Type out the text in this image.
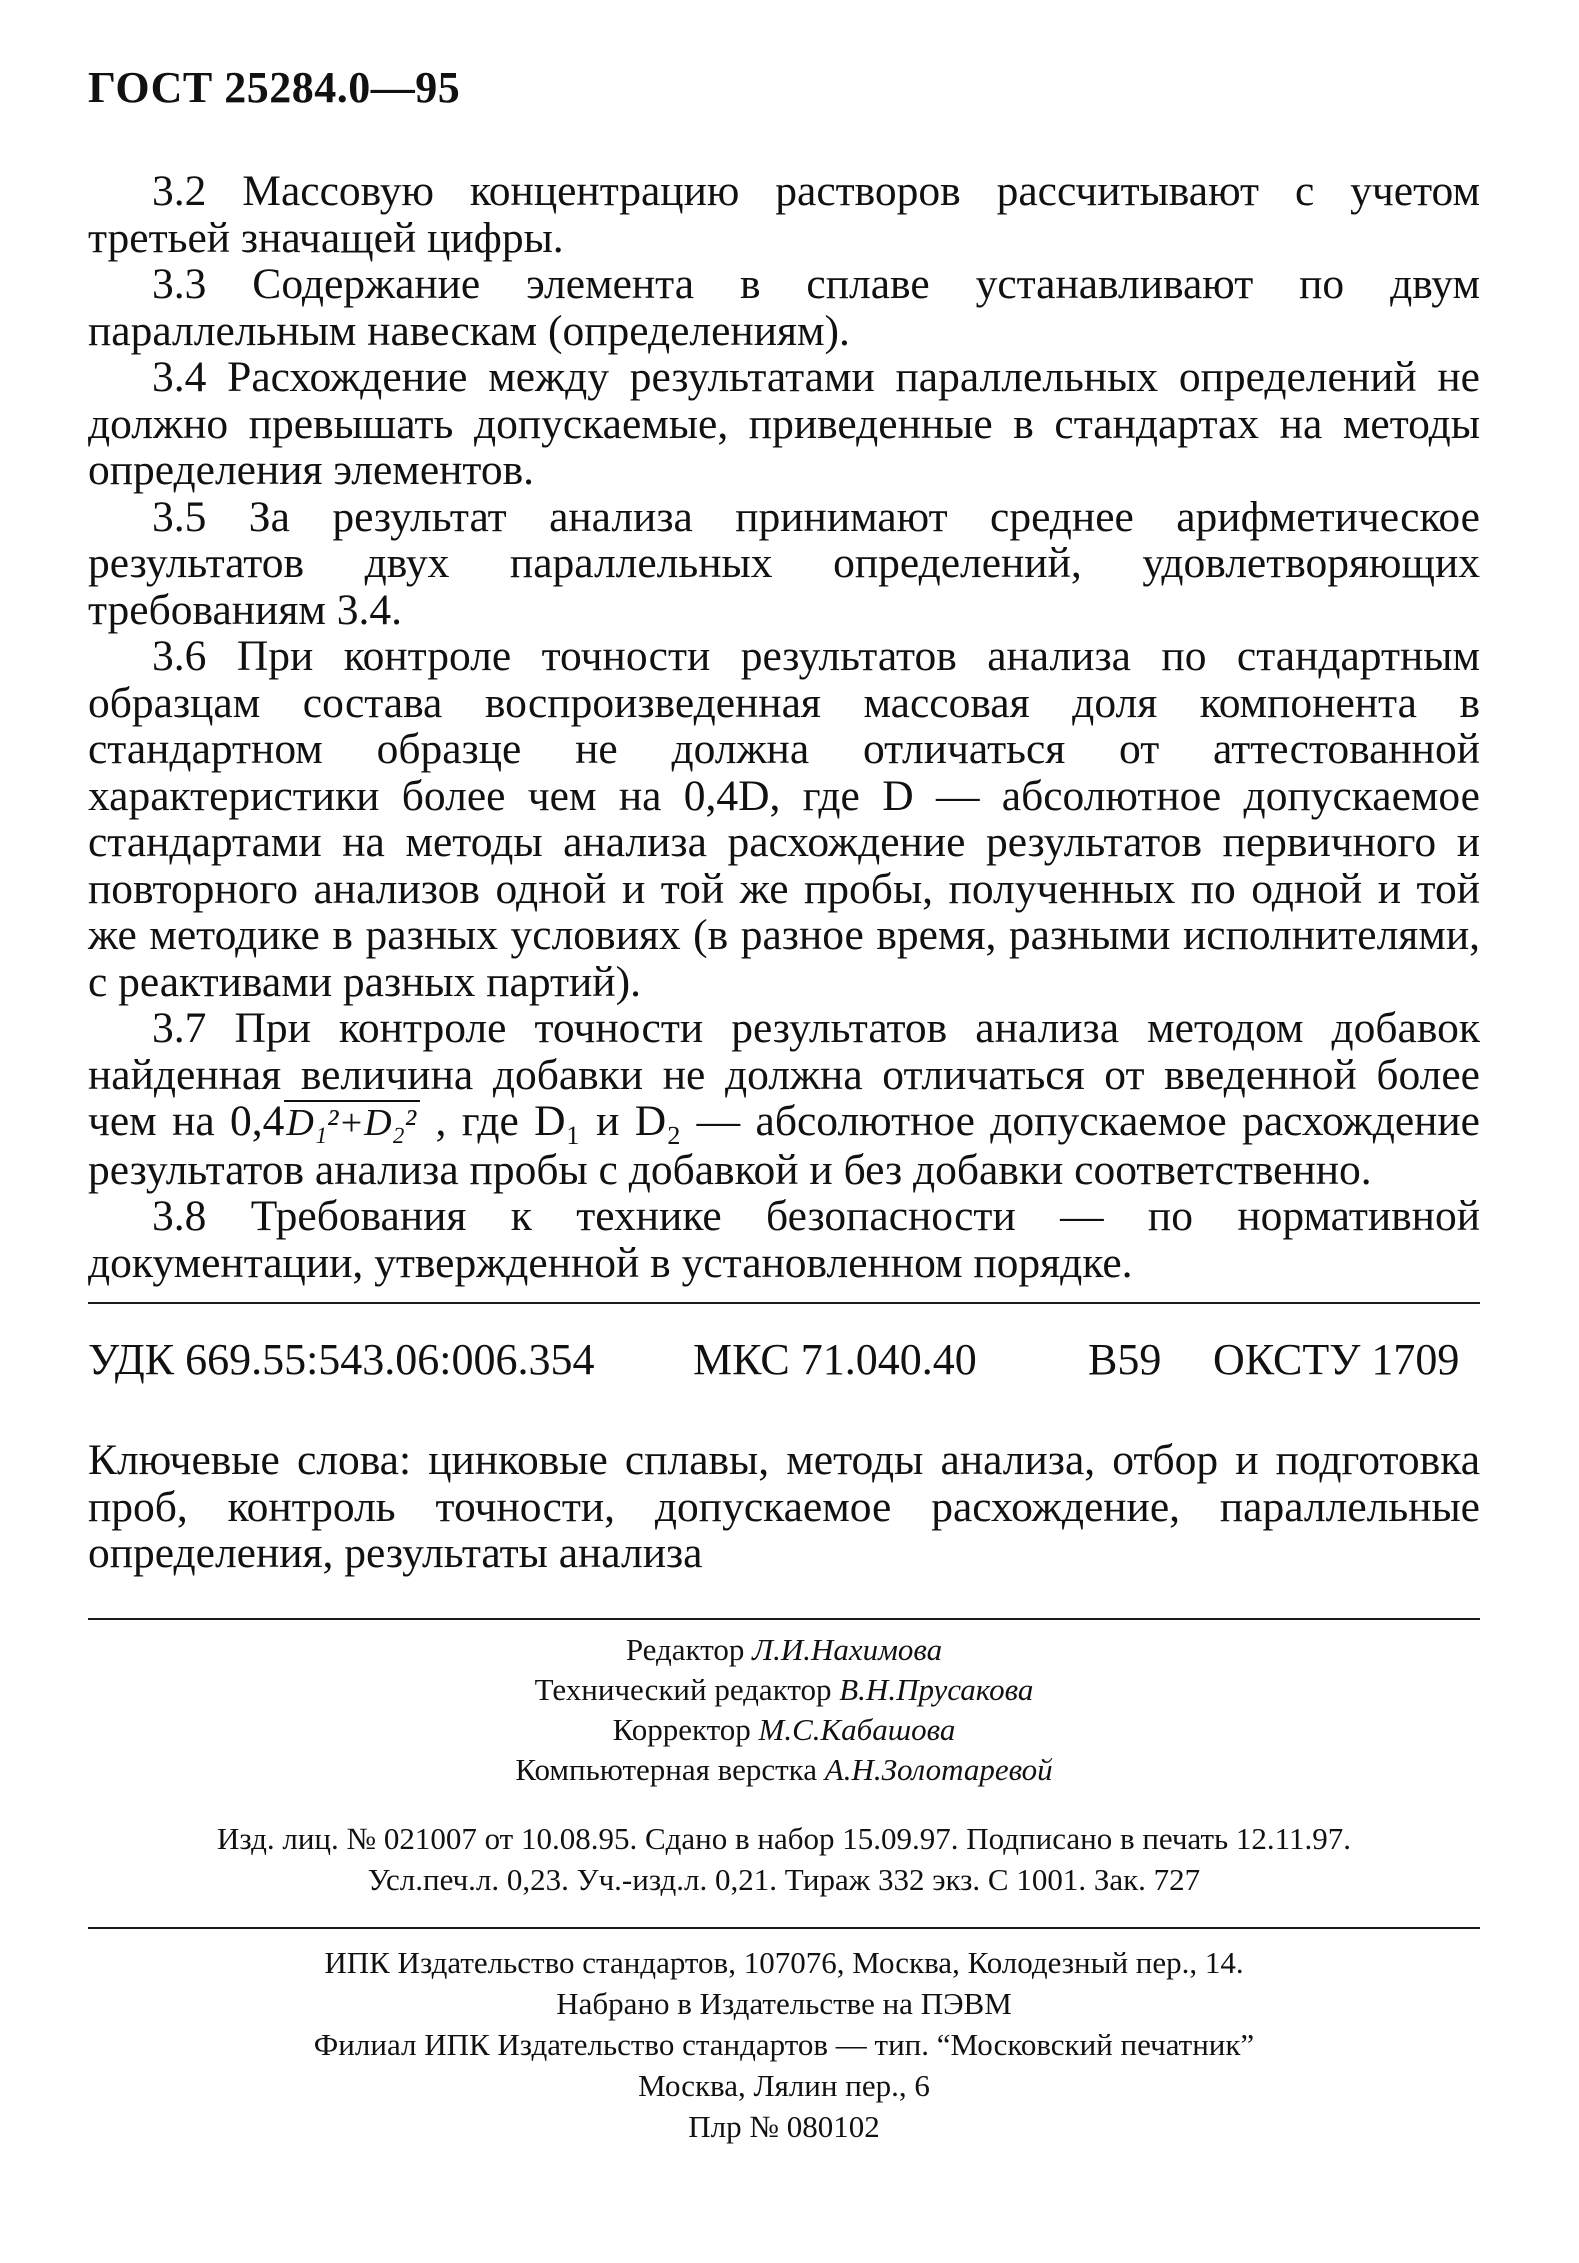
ГОСТ 25284.0—95

3.2 Массовую концентрацию растворов рассчитывают с учетом третьей значащей цифры.

3.3 Содержание элемента в сплаве устанавливают по двум параллельным навескам (определениям).

3.4 Расхождение между результатами параллельных определений не должно превышать допускаемые, приведенные в стандартах на методы определения элементов.

3.5 За результат анализа принимают среднее арифметическое результатов двух параллельных определений, удовлетворяющих требованиям 3.4.

3.6 При контроле точности результатов анализа по стандартным образцам состава воспроизведенная массовая доля компонента в стандартном образце не должна отличаться от аттестованной характеристики более чем на 0,4D, где D — абсолютное допускаемое стандартами на методы анализа расхождение результатов первичного и повторного анализов одной и той же пробы, полученных по одной и той же методике в разных условиях (в разное время, разными исполнителями, с реактивами разных партий).

3.7 При контроле точности результатов анализа методом добавок найденная величина добавки не должна отличаться от введенной более чем на 0,4D₁²+D₂² , где D₁ и D₂ — абсолютное допускаемое расхождение результатов анализа пробы с добавкой и без добавки соответственно.

3.8 Требования к технике безопасности — по нормативной документации, утвержденной в установленном порядке.

УДК 669.55:543.06:006.354 МКС 71.040.40	В59 ОКСТУ 1709
Ключевые слова: цинковые сплавы, методы анализа, отбор и подготовка проб, контроль точности, допускаемое расхождение, параллельные определения, результаты анализа
Редактор Л.И.Нахимова
Технический редактор В.Н.Прусакова
Корректор М.С.Кабашова
Компьютерная верстка А.Н.Золотаревой
Изд. лиц. № 021007 от 10.08.95. Сдано в набор 15.09.97. Подписано в печать 12.11.97.
Усл.печ.л. 0,23. Уч.-изд.л. 0,21. Тираж 332 экз. С 1001. Зак. 727
ИПК Издательство стандартов, 107076, Москва, Колодезный пер., 14.
Набрано в Издательстве на ПЭВМ
Филиал ИПК Издательство стандартов — тип. “Московский печатник”
Москва, Лялин пер., 6
Плр № 080102
